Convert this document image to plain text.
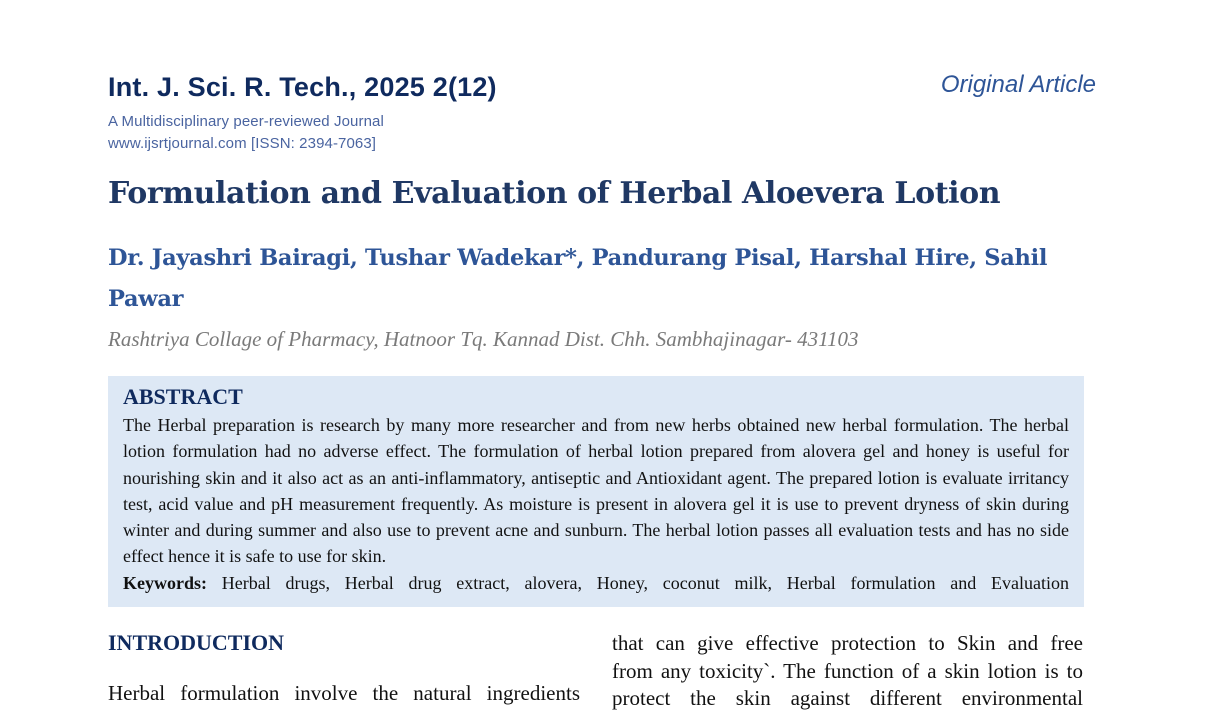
Int. J. Sci. R. Tech., 2025 2(12)
A Multidisciplinary peer-reviewed Journal
www.ijsrtjournal.com [ISSN: 2394-7063]
Original Article
Formulation and Evaluation of Herbal Aloevera Lotion
Dr. Jayashri Bairagi, Tushar Wadekar*, Pandurang Pisal, Harshal Hire, Sahil Pawar
Rashtriya Collage of Pharmacy, Hatnoor Tq. Kannad Dist. Chh. Sambhajinagar- 431103
ABSTRACT
The Herbal preparation is research by many more researcher and from new herbs obtained new herbal formulation. The herbal lotion formulation had no adverse effect. The formulation of herbal lotion prepared from alovera gel and honey is useful for nourishing skin and it also act as an anti-inflammatory, antiseptic and Antioxidant agent. The prepared lotion is evaluate irritancy test, acid value and pH measurement frequently. As moisture is present in alovera gel it is use to prevent dryness of skin during winter and during summer and also use to prevent acne and sunburn. The herbal lotion passes all evaluation tests and has no side effect hence it is safe to use for skin.
Keywords: Herbal drugs, Herbal drug extract, alovera, Honey, coconut milk, Herbal formulation and Evaluation
INTRODUCTION
Herbal formulation involve the natural ingredients
that can give effective protection to Skin and free
from any toxicity`. The function of a skin lotion is to
protect the skin against different environmental
